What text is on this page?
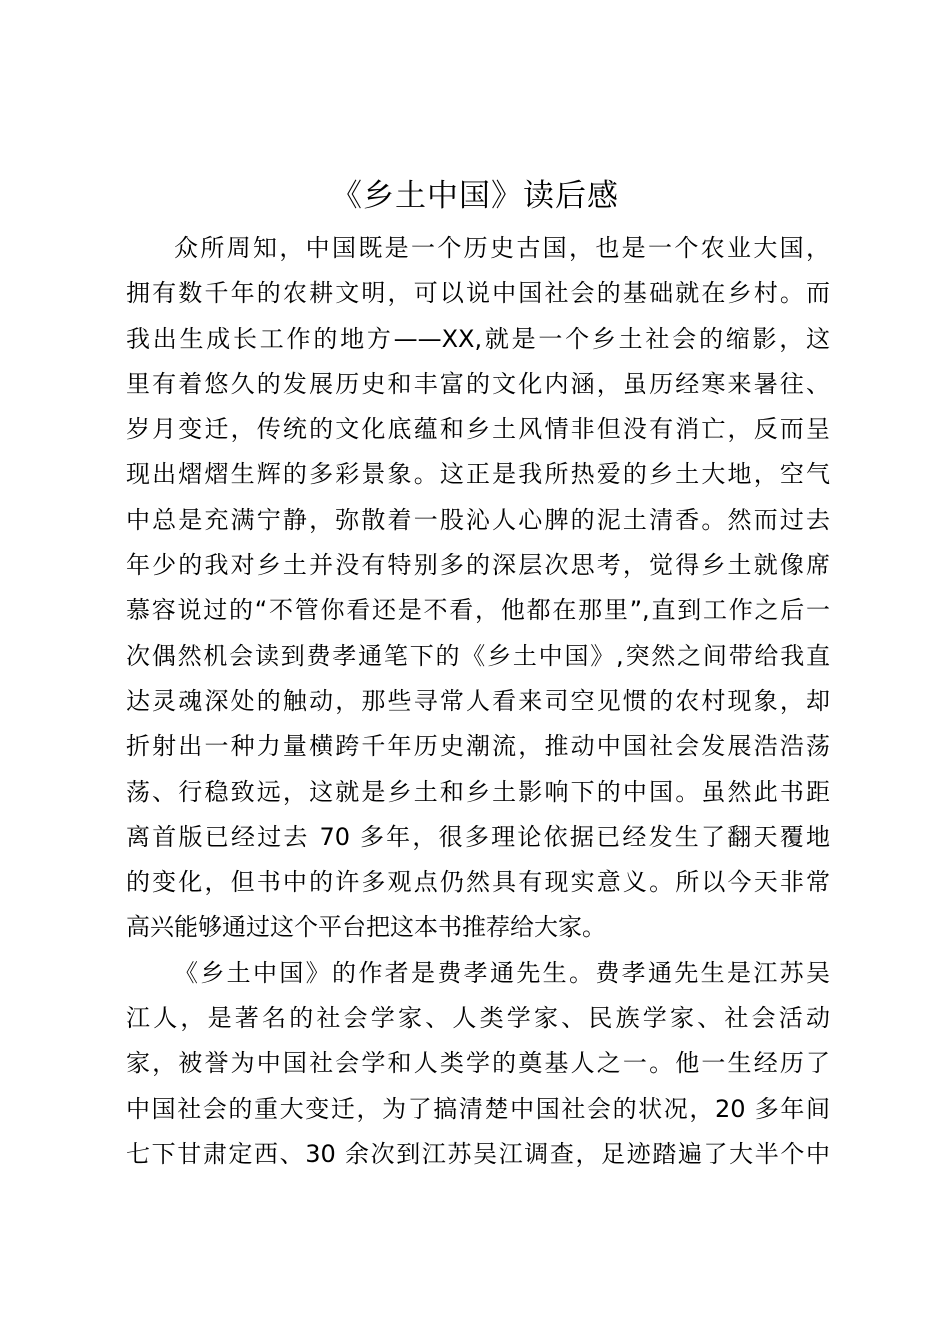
《乡土中国》读后感
众所周知，中国既是一个历史古国，也是一个农业大国，
拥有数千年的农耕文明，可以说中国社会的基础就在乡村。而
我出生成长工作的地方——XX,就是一个乡土社会的缩影，这
里有着悠久的发展历史和丰富的文化内涵，虽历经寒来暑往、
岁月变迁，传统的文化底蕴和乡土风情非但没有消亡，反而呈
现出熠熠生辉的多彩景象。这正是我所热爱的乡土大地，空气
中总是充满宁静，弥散着一股沁人心脾的泥土清香。然而过去
年少的我对乡土并没有特别多的深层次思考，觉得乡土就像席
慕容说过的“不管你看还是不看，他都在那里”,直到工作之后一
次偶然机会读到费孝通笔下的《乡土中国》,突然之间带给我直
达灵魂深处的触动，那些寻常人看来司空见惯的农村现象，却
折射出一种力量横跨千年历史潮流，推动中国社会发展浩浩荡
荡、行稳致远，这就是乡土和乡土影响下的中国。虽然此书距
离首版已经过去 70 多年，很多理论依据已经发生了翻天覆地
的变化，但书中的许多观点仍然具有现实意义。所以今天非常
高兴能够通过这个平台把这本书推荐给大家。
《乡土中国》的作者是费孝通先生。费孝通先生是江苏吴
江人，是著名的社会学家、人类学家、民族学家、社会活动
家，被誉为中国社会学和人类学的奠基人之一。他一生经历了
中国社会的重大变迁，为了搞清楚中国社会的状况，20 多年间
七下甘肃定西、30 余次到江苏吴江调查，足迹踏遍了大半个中
